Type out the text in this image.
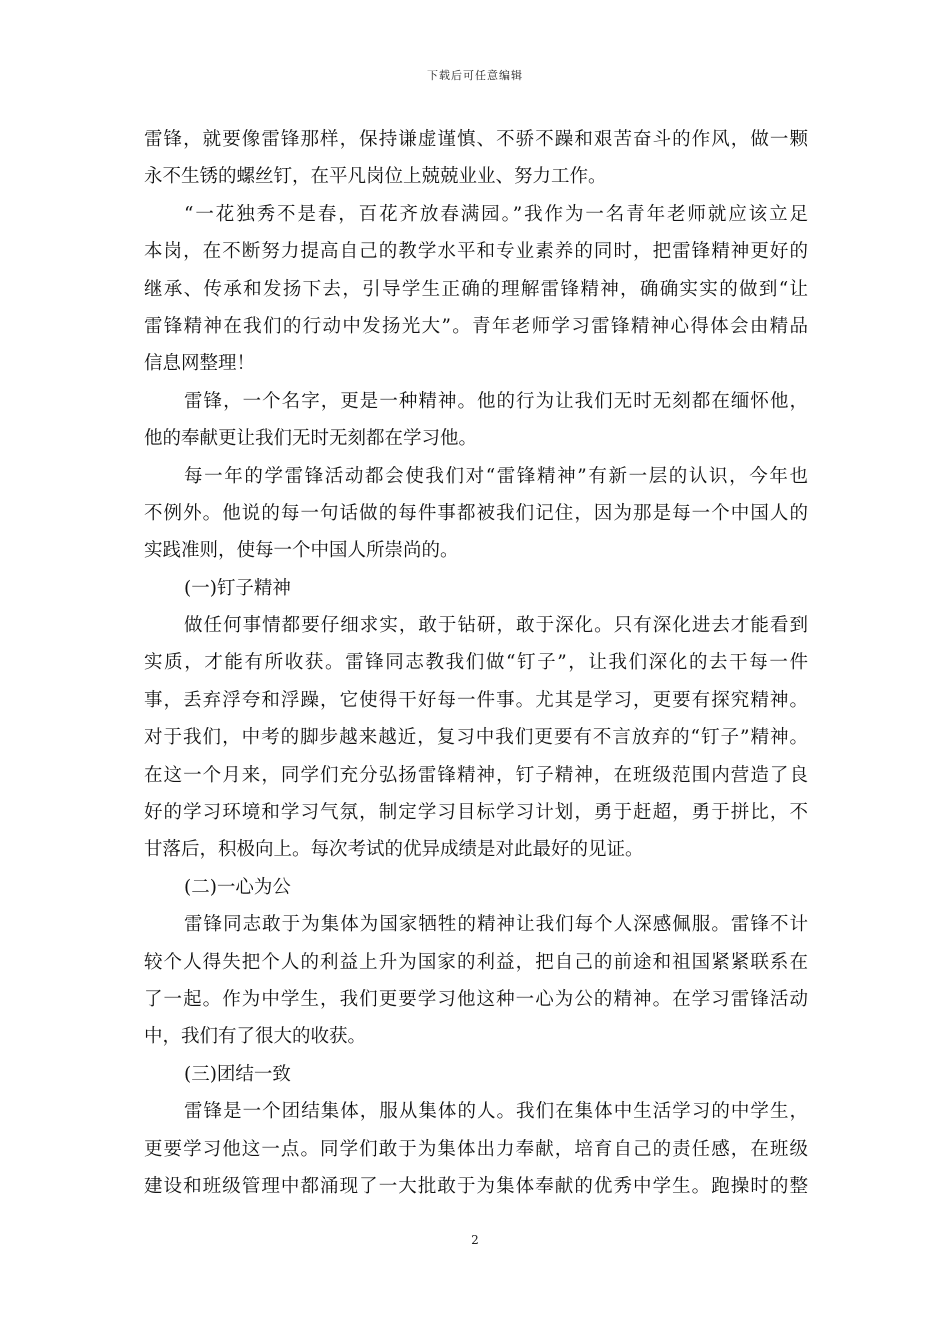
下载后可任意编辑
雷锋，就要像雷锋那样，保持谦虚谨慎、不骄不躁和艰苦奋斗的作风，做一颗
永不生锈的螺丝钉，在平凡岗位上兢兢业业、努力工作。
“一花独秀不是春，百花齐放春满园。”我作为一名青年老师就应该立足
本岗，在不断努力提高自己的教学水平和专业素养的同时，把雷锋精神更好的
继承、传承和发扬下去，引导学生正确的理解雷锋精神，确确实实的做到“让
雷锋精神在我们的行动中发扬光大”。青年老师学习雷锋精神心得体会由精品
信息网整理！
雷锋，一个名字，更是一种精神。他的行为让我们无时无刻都在缅怀他，
他的奉献更让我们无时无刻都在学习他。
每一年的学雷锋活动都会使我们对“雷锋精神”有新一层的认识，今年也
不例外。他说的每一句话做的每件事都被我们记住，因为那是每一个中国人的
实践准则，使每一个中国人所崇尚的。
(一)钉子精神
做任何事情都要仔细求实，敢于钻研，敢于深化。只有深化进去才能看到
实质，才能有所收获。雷锋同志教我们做“钉子”，让我们深化的去干每一件
事，丢弃浮夸和浮躁，它使得干好每一件事。尤其是学习，更要有探究精神。
对于我们，中考的脚步越来越近，复习中我们更要有不言放弃的“钉子”精神。
在这一个月来，同学们充分弘扬雷锋精神，钉子精神，在班级范围内营造了良
好的学习环境和学习气氛，制定学习目标学习计划，勇于赶超，勇于拼比，不
甘落后，积极向上。每次考试的优异成绩是对此最好的见证。
(二)一心为公
雷锋同志敢于为集体为国家牺牲的精神让我们每个人深感佩服。雷锋不计
较个人得失把个人的利益上升为国家的利益，把自己的前途和祖国紧紧联系在
了一起。作为中学生，我们更要学习他这种一心为公的精神。在学习雷锋活动
中，我们有了很大的收获。
(三)团结一致
雷锋是一个团结集体，服从集体的人。我们在集体中生活学习的中学生，
更要学习他这一点。同学们敢于为集体出力奉献，培育自己的责任感，在班级
建设和班级管理中都涌现了一大批敢于为集体奉献的优秀中学生。跑操时的整
2
